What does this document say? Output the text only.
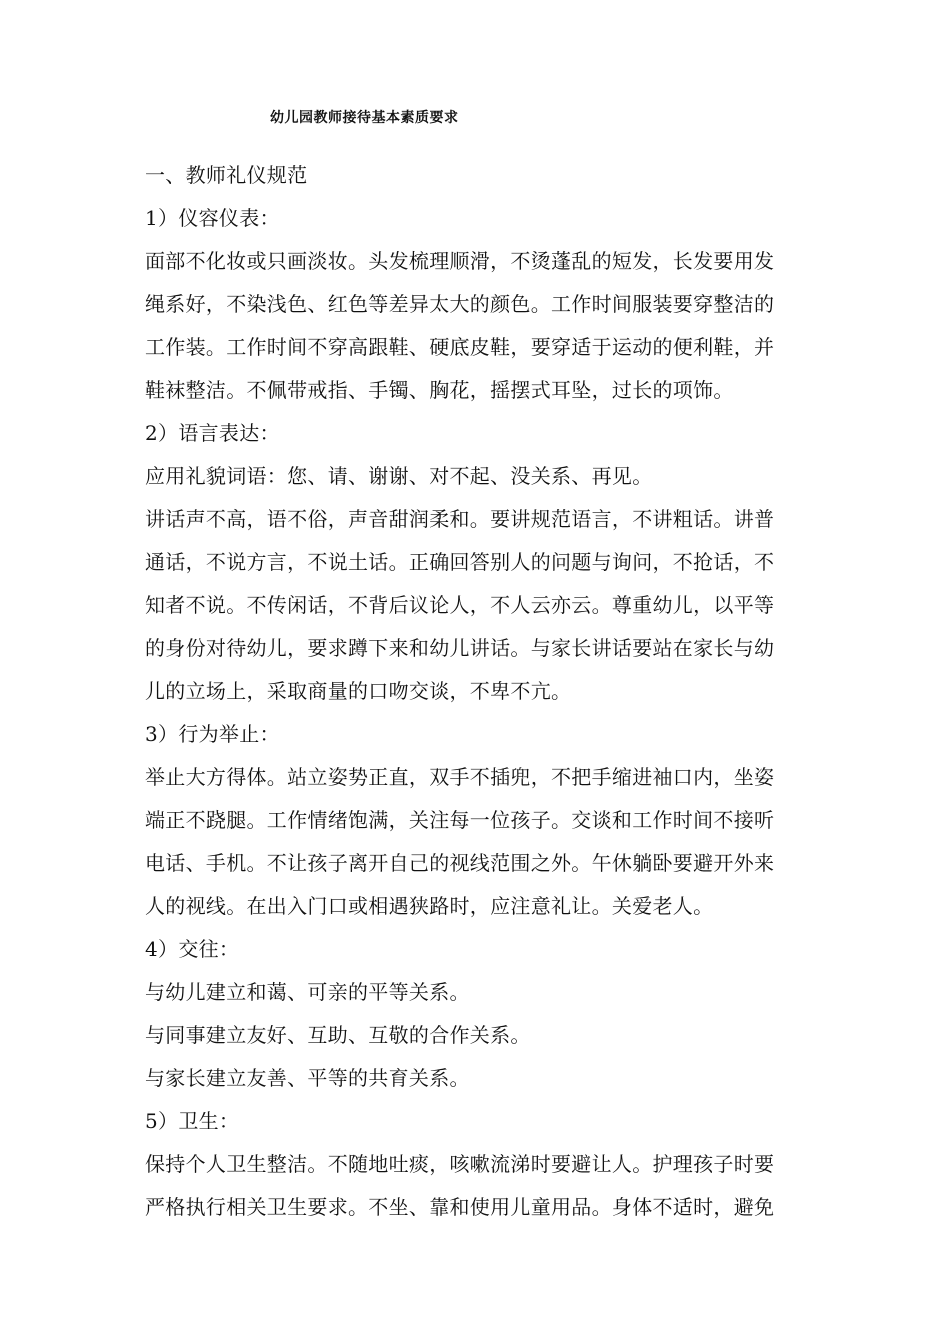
幼儿园教师接待基本素质要求
一、教师礼仪规范
1）仪容仪表：
面部不化妆或只画淡妆。头发梳理顺滑，不烫蓬乱的短发，长发要用发
绳系好，不染浅色、红色等差异太大的颜色。工作时间服装要穿整洁的
工作装。工作时间不穿高跟鞋、硬底皮鞋，要穿适于运动的便利鞋，并
鞋袜整洁。不佩带戒指、手镯、胸花，摇摆式耳坠，过长的项饰。
2）语言表达：
应用礼貌词语：您、请、谢谢、对不起、没关系、再见。
讲话声不高，语不俗，声音甜润柔和。要讲规范语言，不讲粗话。讲普
通话，不说方言，不说土话。正确回答别人的问题与询问，不抢话，不
知者不说。不传闲话，不背后议论人，不人云亦云。尊重幼儿，以平等
的身份对待幼儿，要求蹲下来和幼儿讲话。与家长讲话要站在家长与幼
儿的立场上，采取商量的口吻交谈，不卑不亢。
3）行为举止：
举止大方得体。站立姿势正直，双手不插兜，不把手缩进袖口内，坐姿
端正不跷腿。工作情绪饱满，关注每一位孩子。交谈和工作时间不接听
电话、手机。不让孩子离开自己的视线范围之外。午休躺卧要避开外来
人的视线。在出入门口或相遇狭路时，应注意礼让。关爱老人。
4）交往：
与幼儿建立和蔼、可亲的平等关系。
与同事建立友好、互助、互敬的合作关系。
与家长建立友善、平等的共育关系。
5）卫生：
保持个人卫生整洁。不随地吐痰，咳嗽流涕时要避让人。护理孩子时要
严格执行相关卫生要求。不坐、靠和使用儿童用品。身体不适时，避免
